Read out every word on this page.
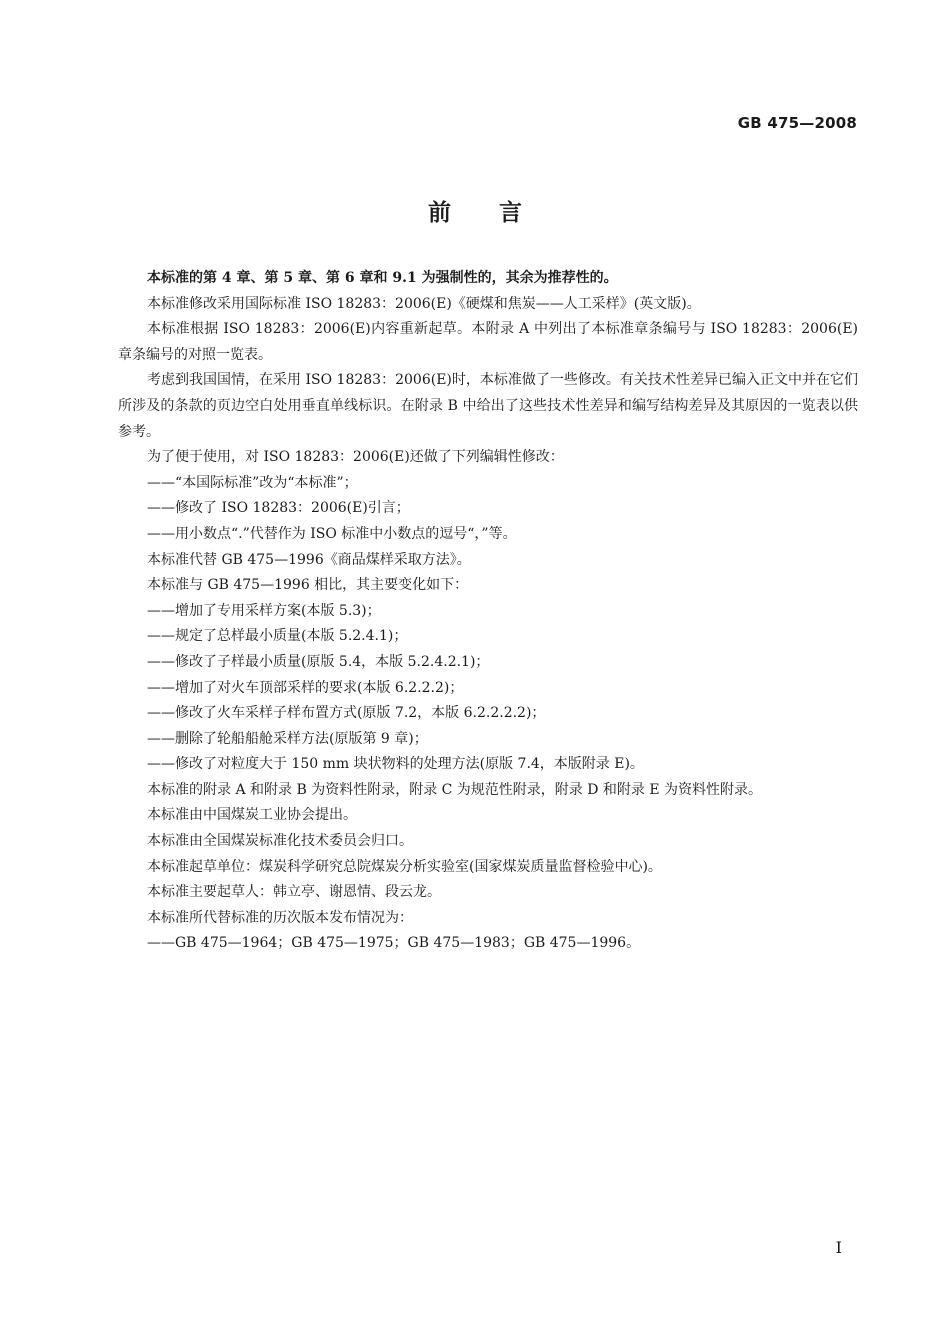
GB 475—2008
前言

本标准的第 4 章、第 5 章、第 6 章和 9.1 为强制性的，其余为推荐性的。

本标准修改采用国际标准 ISO 18283：2006(E)《硬煤和焦炭——人工采样》(英文版)。

本标准根据 ISO 18283：2006(E)内容重新起草。本附录 A 中列出了本标准章条编号与 ISO 18283：2006(E)章条编号的对照一览表。

考虑到我国国情，在采用 ISO 18283：2006(E)时，本标准做了一些修改。有关技术性差异已编入正文中并在它们所涉及的条款的页边空白处用垂直单线标识。在附录 B 中给出了这些技术性差异和编写结构差异及其原因的一览表以供参考。

为了便于使用，对 ISO 18283：2006(E)还做了下列编辑性修改：

——“本国际标准”改为“本标准”；

——修改了 ISO 18283：2006(E)引言；

——用小数点“.”代替作为 ISO 标准中小数点的逗号“，”等。

本标准代替 GB 475—1996《商品煤样采取方法》。

本标准与 GB 475—1996 相比，其主要变化如下：

——增加了专用采样方案(本版 5.3)；

——规定了总样最小质量(本版 5.2.4.1)；

——修改了子样最小质量(原版 5.4，本版 5.2.4.2.1)；

——增加了对火车顶部采样的要求(本版 6.2.2.2)；

——修改了火车采样子样布置方式(原版 7.2，本版 6.2.2.2.2)；

——删除了轮船船舱采样方法(原版第 9 章)；

——修改了对粒度大于 150 mm 块状物料的处理方法(原版 7.4，本版附录 E)。

本标准的附录 A 和附录 B 为资料性附录，附录 C 为规范性附录，附录 D 和附录 E 为资料性附录。

本标准由中国煤炭工业协会提出。

本标准由全国煤炭标准化技术委员会归口。

本标准起草单位：煤炭科学研究总院煤炭分析实验室(国家煤炭质量监督检验中心)。

本标准主要起草人：韩立亭、谢恩情、段云龙。

本标准所代替标准的历次版本发布情况为：

——GB 475—1964；GB 475—1975；GB 475—1983；GB 475—1996。

I
